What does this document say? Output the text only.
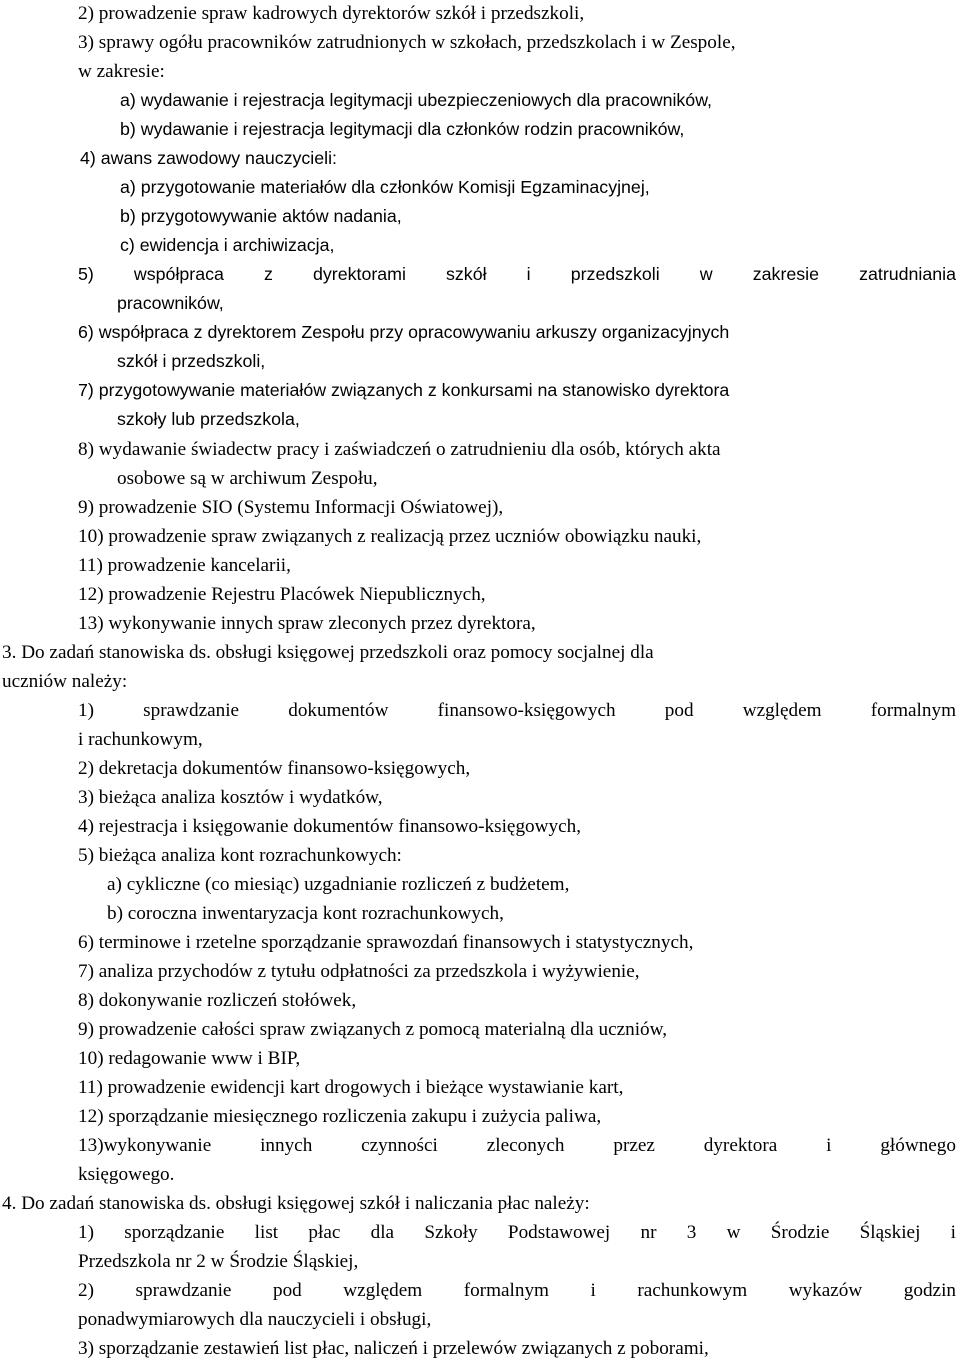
2) prowadzenie spraw kadrowych dyrektorów szkół i przedszkoli,
3) sprawy ogółu pracowników zatrudnionych w szkołach, przedszkolach i w Zespole,
w zakresie:
a) wydawanie i rejestracja legitymacji ubezpieczeniowych dla pracowników,
b) wydawanie i rejestracja legitymacji dla członków rodzin pracowników,
4) awans zawodowy nauczycieli:
a) przygotowanie materiałów dla członków Komisji Egzaminacyjnej,
b) przygotowywanie aktów nadania,
c) ewidencja i archiwizacja,
5) współpraca z dyrektorami szkół i przedszkoli w zakresie zatrudniania
pracowników,
6) współpraca z dyrektorem Zespołu przy opracowywaniu arkuszy organizacyjnych
szkół i przedszkoli,
7) przygotowywanie materiałów związanych z konkursami na stanowisko dyrektora
szkoły lub przedszkola,
8) wydawanie świadectw pracy i zaświadczeń o zatrudnieniu dla osób, których akta
osobowe są w archiwum Zespołu,
9) prowadzenie SIO (Systemu Informacji Oświatowej),
10) prowadzenie spraw związanych z realizacją przez uczniów obowiązku nauki,
11) prowadzenie kancelarii,
12) prowadzenie Rejestru Placówek Niepublicznych,
13) wykonywanie innych spraw zleconych przez dyrektora,
3. Do zadań stanowiska ds. obsługi księgowej przedszkoli oraz pomocy socjalnej dla
uczniów należy:
1) sprawdzanie dokumentów finansowo-księgowych pod względem formalnym
i rachunkowym,
2) dekretacja dokumentów finansowo-księgowych,
3) bieżąca analiza kosztów i wydatków,
4) rejestracja i księgowanie dokumentów finansowo-księgowych,
5) bieżąca analiza kont rozrachunkowych:
a) cykliczne (co miesiąc) uzgadnianie rozliczeń z budżetem,
b) coroczna inwentaryzacja kont rozrachunkowych,
6) terminowe i rzetelne sporządzanie sprawozdań finansowych i statystycznych,
7) analiza przychodów z tytułu odpłatności za przedszkola i wyżywienie,
8) dokonywanie rozliczeń stołówek,
9) prowadzenie całości spraw związanych z pomocą materialną dla uczniów,
10) redagowanie www i BIP,
11) prowadzenie ewidencji kart drogowych i bieżące wystawianie kart,
12) sporządzanie miesięcznego rozliczenia zakupu i zużycia paliwa,
13)wykonywanie innych czynności zleconych przez dyrektora i głównego
księgowego.
4. Do zadań stanowiska ds. obsługi księgowej szkół i naliczania płac należy:
1) sporządzanie list płac dla Szkoły Podstawowej nr 3 w Środzie Śląskiej i
Przedszkola nr 2 w Środzie Śląskiej,
2) sprawdzanie pod względem formalnym i rachunkowym wykazów godzin
ponadwymiarowych dla nauczycieli i obsługi,
3) sporządzanie zestawień list płac, naliczeń i przelewów związanych z poborami,
